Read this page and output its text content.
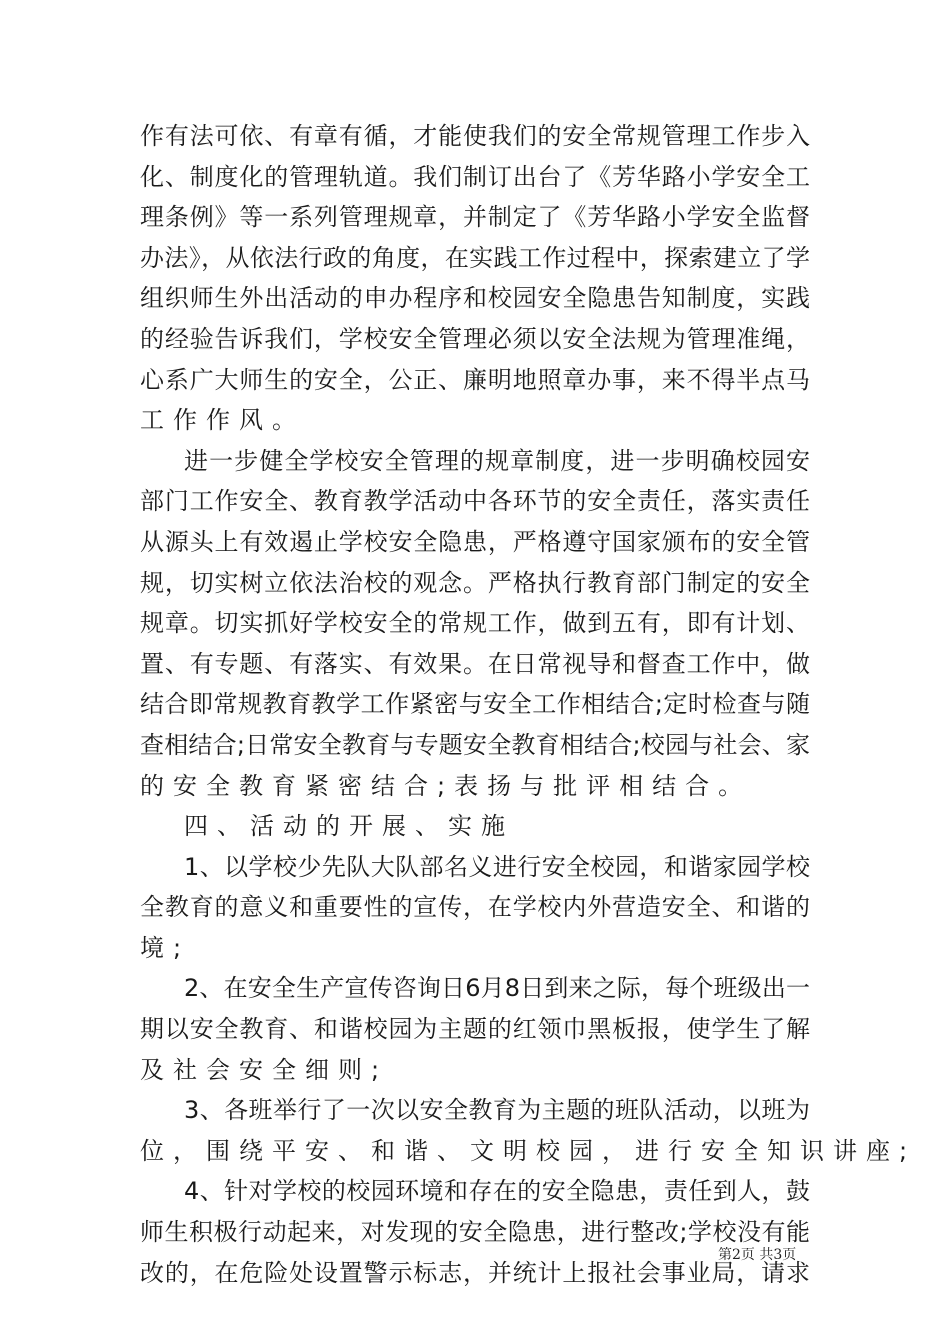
作有法可依、有章有循，才能使我们的安全常规管理工作步入
化、制度化的管理轨道。我们制订出台了《芳华路小学安全工
理条例》等一系列管理规章，并制定了《芳华路小学安全监督
办法》，从依法行政的角度，在实践工作过程中，探索建立了学
组织师生外出活动的申办程序和校园安全隐患告知制度，实践
的经验告诉我们，学校安全管理必须以安全法规为管理准绳，
心系广大师生的安全，公正、廉明地照章办事，来不得半点马
工作作风。
进一步健全学校安全管理的规章制度，进一步明确校园安
部门工作安全、教育教学活动中各环节的安全责任，落实责任
从源头上有效遏止学校安全隐患，严格遵守国家颁布的安全管
规，切实树立依法治校的观念。严格执行教育部门制定的安全
规章。切实抓好学校安全的常规工作，做到五有，即有计划、
置、有专题、有落实、有效果。在日常视导和督查工作中，做
结合即常规教育教学工作紧密与安全工作相结合;定时检查与随
查相结合;日常安全教育与专题安全教育相结合;校园与社会、家
的安全教育紧密结合;表扬与批评相结合。
四、活动的开展、实施
1、以学校少先队大队部名义进行安全校园，和谐家园学校
全教育的意义和重要性的宣传，在学校内外营造安全、和谐的
境;
2、在安全生产宣传咨询日6月8日到来之际，每个班级出一
期以安全教育、和谐校园为主题的红领巾黑板报，使学生了解
及社会安全细则;
3、各班举行了一次以安全教育为主题的班队活动，以班为
位，围绕平安、和谐、文明校园，进行安全知识讲座;
4、针对学校的校园环境和存在的安全隐患，责任到人，鼓
师生积极行动起来，对发现的安全隐患，进行整改;学校没有能
改的，在危险处设置警示标志，并统计上报社会事业局，请求
第2页 共3页
